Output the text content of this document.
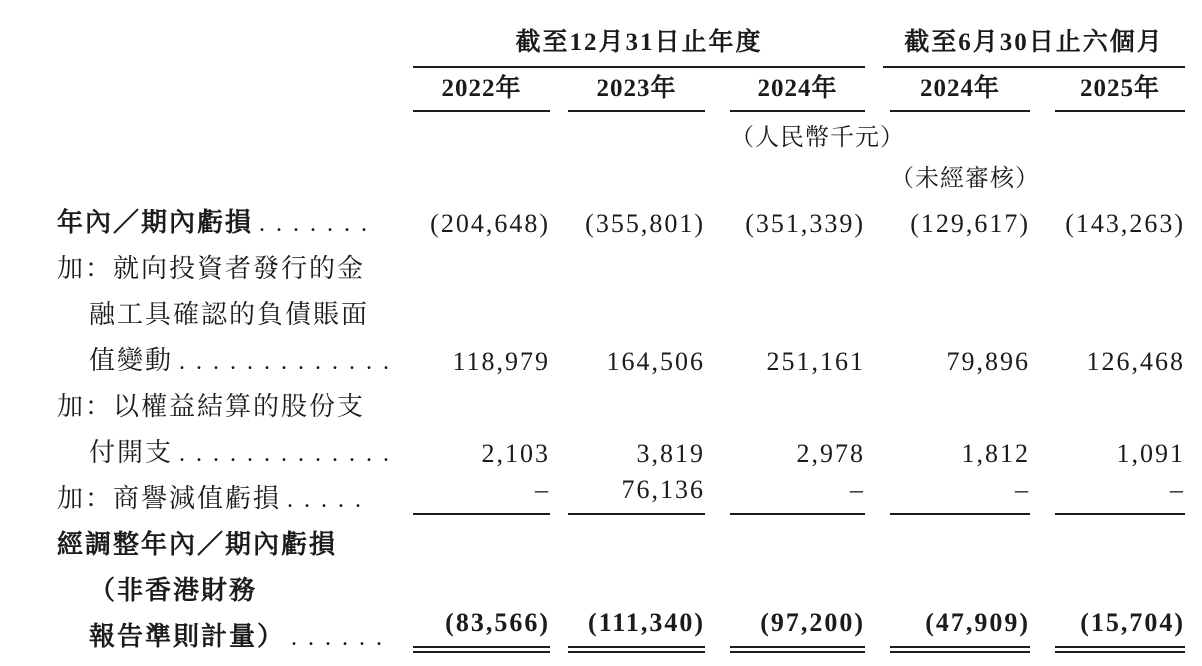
	截至12月31日止年度			截至6月30日止六個月	

	2022年	2023年	2024年	2024年	2025年

			（人民幣千元）		

				（未經審核）	

年內／期內虧損 .......	(204,648)	(355,801)	(351,339)	(129,617)	(143,263)

加：就向投資者發行的金					
融工具確認的負債賬面					
值變動 .............	118,979	164,506	251,161	79,896	126,468

加：以權益結算的股份支					
付開支 .............	2,103	3,819	2,978	1,812	1,091

加：商譽減值虧損 .....	–	76,136	–	–	–

經調整年內／期內虧損					
（非香港財務					
報告準則計量） ......	(83,566)	(111,340)	(97,200)	(47,909)	(15,704)
